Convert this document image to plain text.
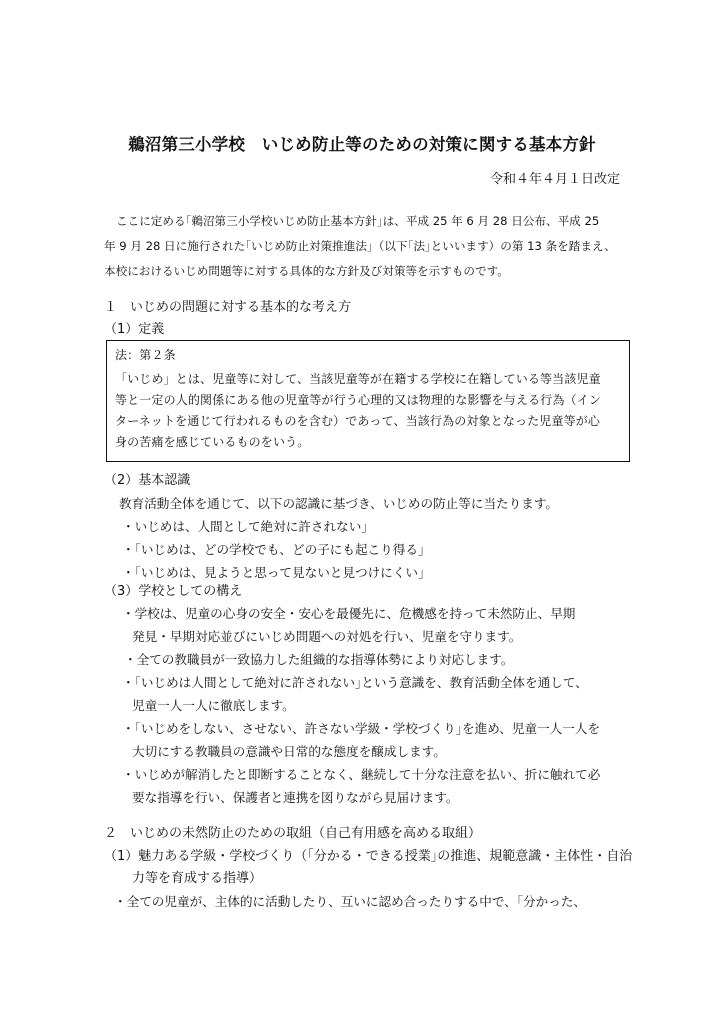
鵜沼第三小学校　いじめ防止等のための対策に関する基本方針
令和４年４月１日改定
ここに定める｢鵜沼第三小学校いじめ防止基本方針｣は、平成 25 年 6 月 28 日公布、平成 25
年 9 月 28 日に施行された｢いじめ防止対策推進法｣（以下｢法｣といいます）の第 13 条を踏まえ、
本校におけるいじめ問題等に対する具体的な方針及び対策等を示すものです。
１　いじめの問題に対する基本的な考え方
（1）定義
法：第２条
「いじめ」とは、児童等に対して、当該児童等が在籍する学校に在籍している等当該児童
等と一定の人的関係にある他の児童等が行う心理的又は物理的な影響を与える行為（イン
ターネットを通じて行われるものを含む）であって、当該行為の対象となった児童等が心
身の苦痛を感じているものをいう。
（2）基本認識
教育活動全体を通じて、以下の認識に基づき、いじめの防止等に当たります。
・いじめは、人間として絶対に許されない」
・｢いじめは、どの学校でも、どの子にも起こり得る」
・｢いじめは、見ようと思って見ないと見つけにくい」
（3）学校としての構え
・学校は、児童の心身の安全・安心を最優先に、危機感を持って未然防止、早期
発見・早期対応並びにいじめ問題への対処を行い、児童を守ります。
・全ての教職員が一致協力した組織的な指導体勢により対応します。
・｢いじめは人間として絶対に許されない｣という意識を、教育活動全体を通して、
児童一人一人に徹底します。
・｢いじめをしない、させない、許さない学級・学校づくり｣を進め、児童一人一人を
大切にする教職員の意識や日常的な態度を醸成します。
・いじめが解消したと即断することなく、継続して十分な注意を払い、折に触れて必
要な指導を行い、保護者と連携を図りながら見届けます。
２　いじめの未然防止のための取組（自己有用感を高める取組）
（1）魅力ある学級・学校づくり（｢分かる・できる授業｣の推進、規範意識・主体性・自治
力等を育成する指導）
・全ての児童が、主体的に活動したり、互いに認め合ったりする中で、｢分かった、
